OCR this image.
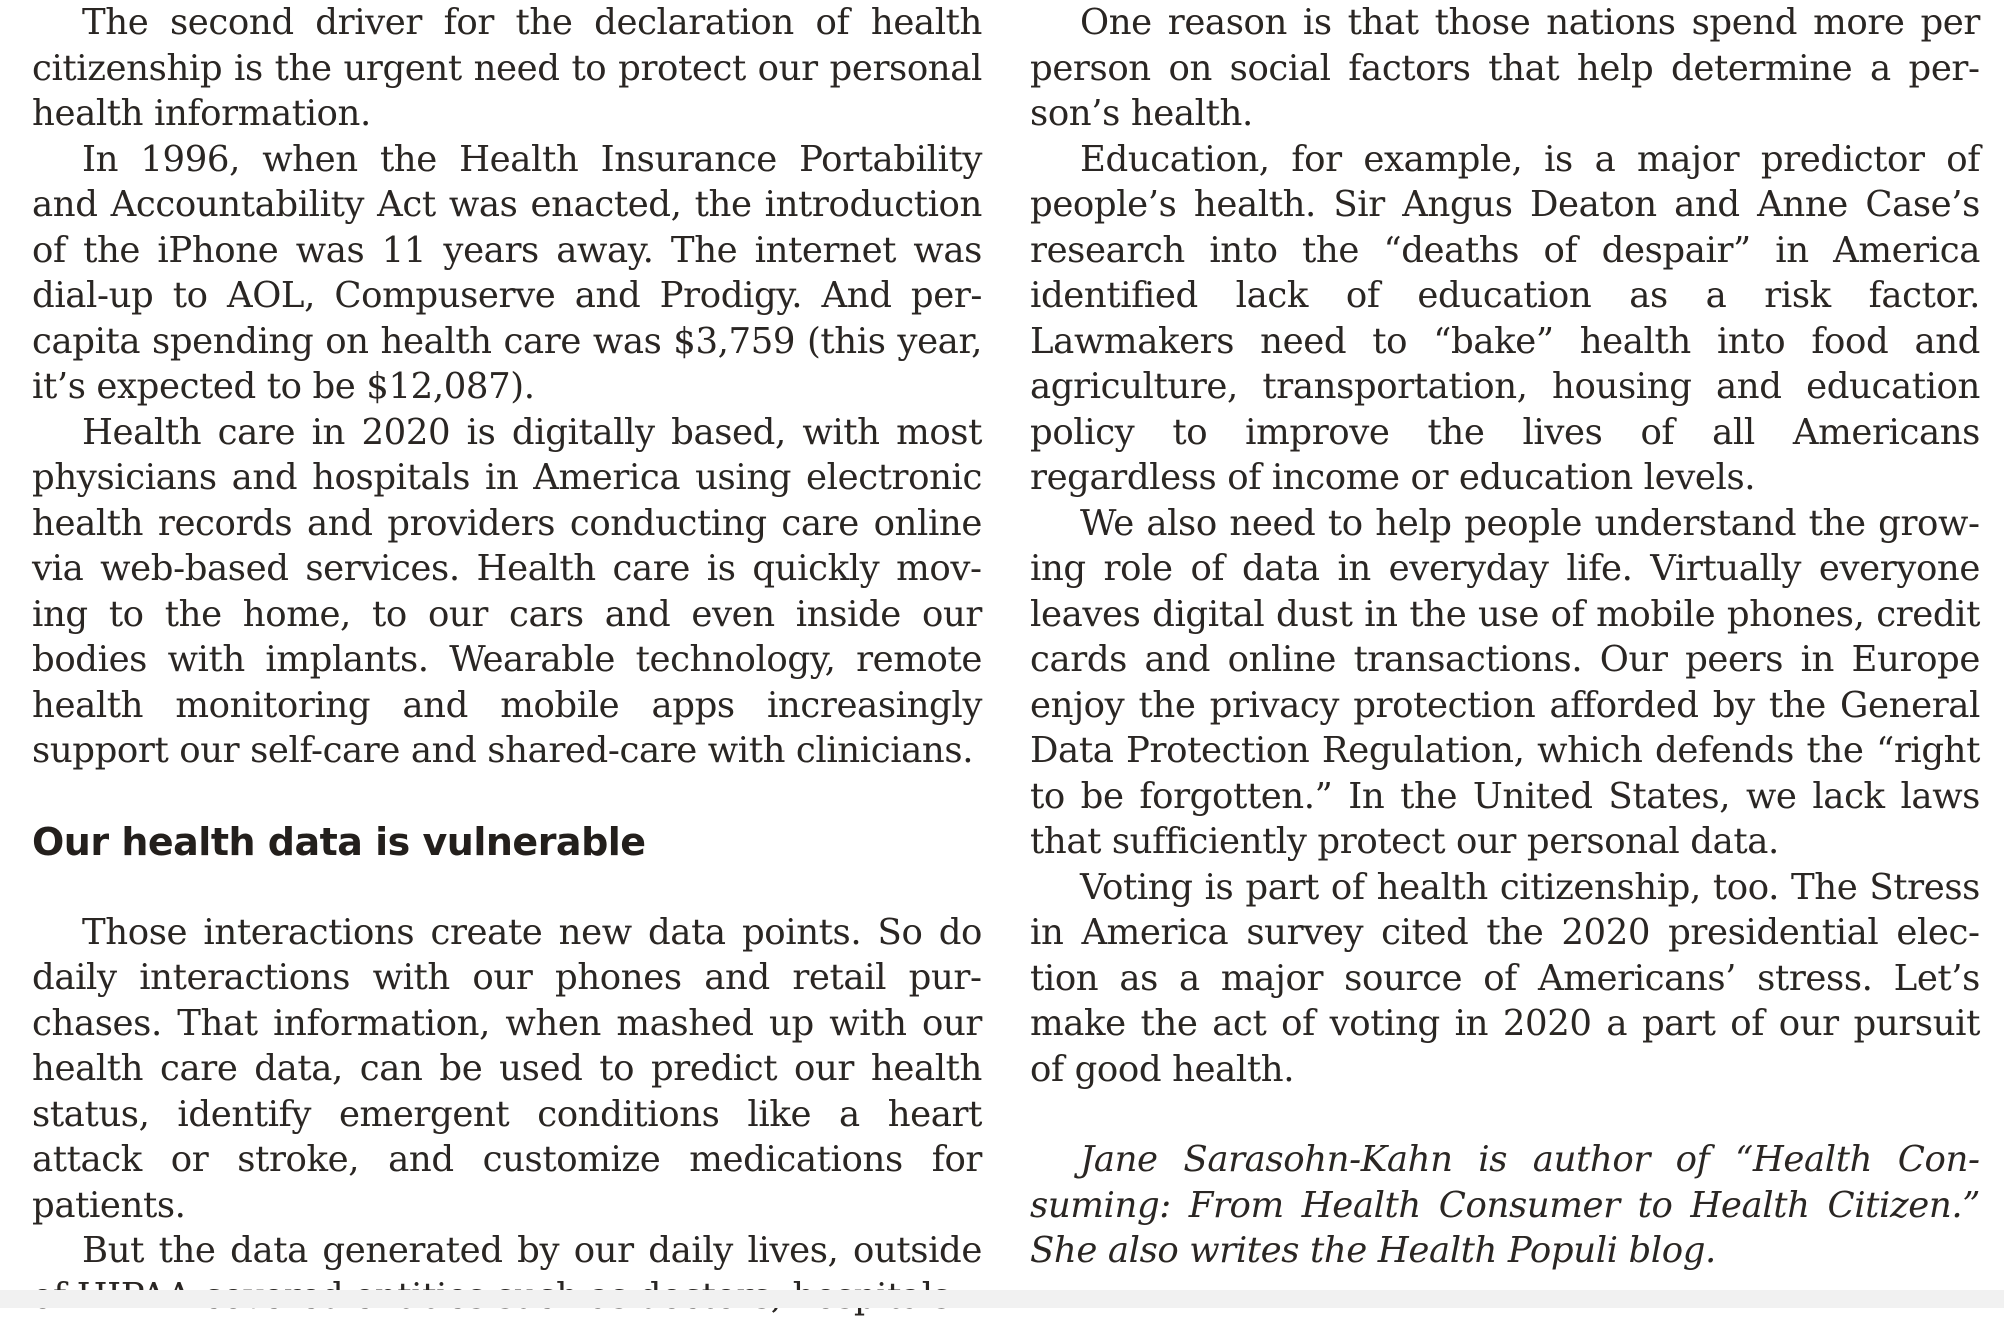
The second driver for the declaration of health citizenship is the urgent need to protect our personal health information.

In 1996, when the Health Insurance Portability and Accountability Act was enacted, the introduction of the iPhone was 11 years away. The internet was dial-up to AOL, Compuserve and Prodigy. And per-capita spending on health care was $3,759 (this year, it’s expected to be $12,087).

Health care in 2020 is digitally based, with most physicians and hospitals in America using electronic health records and providers conducting care online via web-based services. Health care is quickly moving to the home, to our cars and even inside our bodies with implants. Wearable technology, remote health monitoring and mobile apps increasingly support our self-care and shared-care with clinicians.

Our health data is vulnerable

Those interactions create new data points. So do daily interactions with our phones and retail purchases. That information, when mashed up with our health care data, can be used to predict our health status, identify emergent conditions like a heart attack or stroke, and customize medications for patients.

But the data generated by our daily lives, outside

One reason is that those nations spend more per person on social factors that help determine a person’s health.

Education, for example, is a major predictor of people’s health. Sir Angus Deaton and Anne Case’s research into the “deaths of despair” in America identified lack of education as a risk factor. Lawmakers need to “bake” health into food and agriculture, transportation, housing and education policy to improve the lives of all Americans regardless of income or education levels.

We also need to help people understand the growing role of data in everyday life. Virtually everyone leaves digital dust in the use of mobile phones, credit cards and online transactions. Our peers in Europe enjoy the privacy protection afforded by the General Data Protection Regulation, which defends the “right to be forgotten.” In the United States, we lack laws that sufficiently protect our personal data.

Voting is part of health citizenship, too. The Stress in America survey cited the 2020 presidential election as a major source of Americans’ stress. Let’s make the act of voting in 2020 a part of our pursuit of good health.

Jane Sarasohn-Kahn is author of “Health Consuming: From Health Consumer to Health Citizen.” She also writes the Health Populi blog.
